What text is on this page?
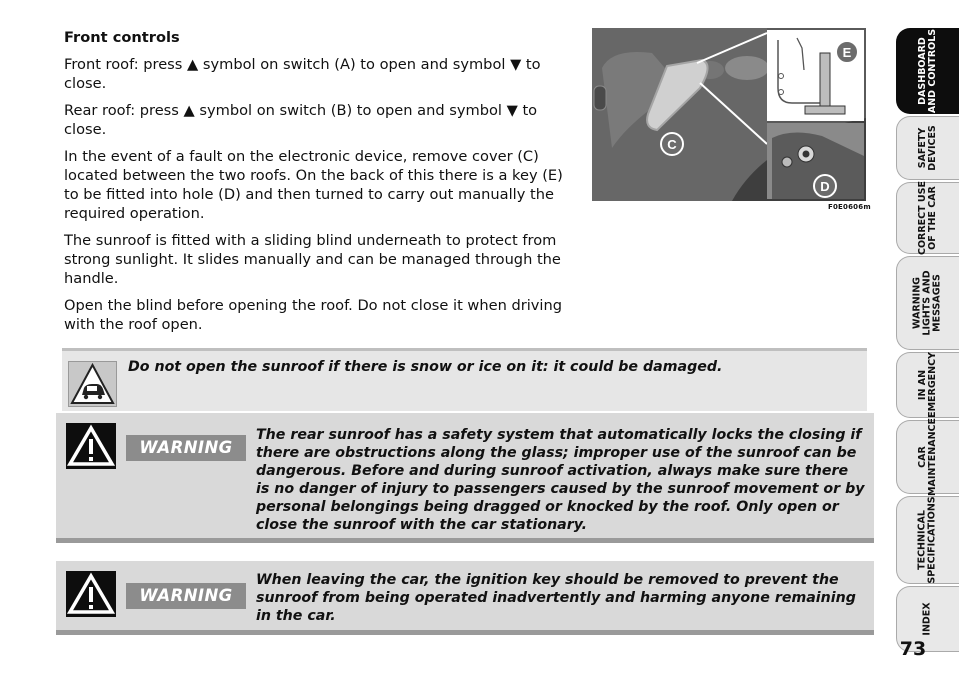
Front controls

Front roof: press ▲ symbol on switch (A) to open and symbol ▼ to close.

Rear roof: press ▲ symbol on switch (B) to open and symbol ▼ to close.

In the event of a fault on the electronic device, remove cover (C) located between the two roofs. On the back of this there is a key (E) to be fitted into hole (D) and then turned to carry out manually the required operation.

The sunroof is fitted with a sliding blind underneath to protect from strong sunlight. It slides manually and can be managed through the handle.

Open the blind before opening the roof. Do not close it when driving with the roof open.

C
D
E
F0E0606m
Do not open the sunroof if there is snow or ice on it: it could be damaged.
WARNING
The rear sunroof has a safety system that automatically locks the closing if there are obstructions along the glass; improper use of the sunroof can be dangerous. Before and during sunroof activation, always make sure there is no danger of injury to passengers caused by the sunroof movement or by personal belongings being dragged or knocked by the roof. Only open or close the sunroof with the car stationary.
WARNING
When leaving the car, the ignition key should be removed to prevent the sunroof from being operated inadvertently and harming anyone remaining in the car.
DASHBOARD
AND CONTROLS
SAFETY
DEVICES
CORRECT USE
OF THE CAR
WARNING
LIGHTS AND
MESSAGES
IN AN
EMERGENCY
CAR
MAINTENANCE
TECHNICAL
SPECIFICATIONS
INDEX
73
